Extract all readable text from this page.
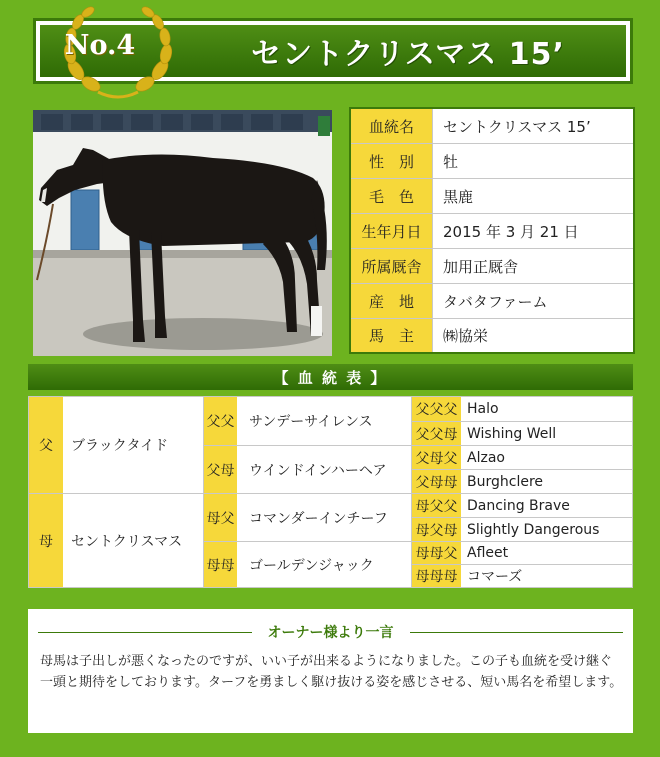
セントクリスマス 15’
No.4
血統名	セントクリスマス 15’
性　別	牡
毛　色	黒鹿
生年月日	2015 年 3 月 21 日
所属厩舎	加用正厩舎
産　地	タバタファーム
馬　主	㈱協栄
【 血 統 表 】
父	ブラックタイド
母	セントクリスマス
父父	サンデーサイレンス
父母	ウインドインハーヘア
母父	コマンダーインチーフ
母母	ゴールデンジャック
父父父 Halo
父父母 Wishing Well
父母父 Alzao
父母母 Burghclere
母父父 Dancing Brave
母父母 Slightly Dangerous
母母父 Afleet
母母母 コマーズ
オーナー様より一言
母馬は子出しが悪くなったのですが、いい子が出来るようになりました。この子も血統を受け継ぐ一頭と期待をしております。ターフを勇ましく駆け抜ける姿を感じさせる、短い馬名を希望します。
